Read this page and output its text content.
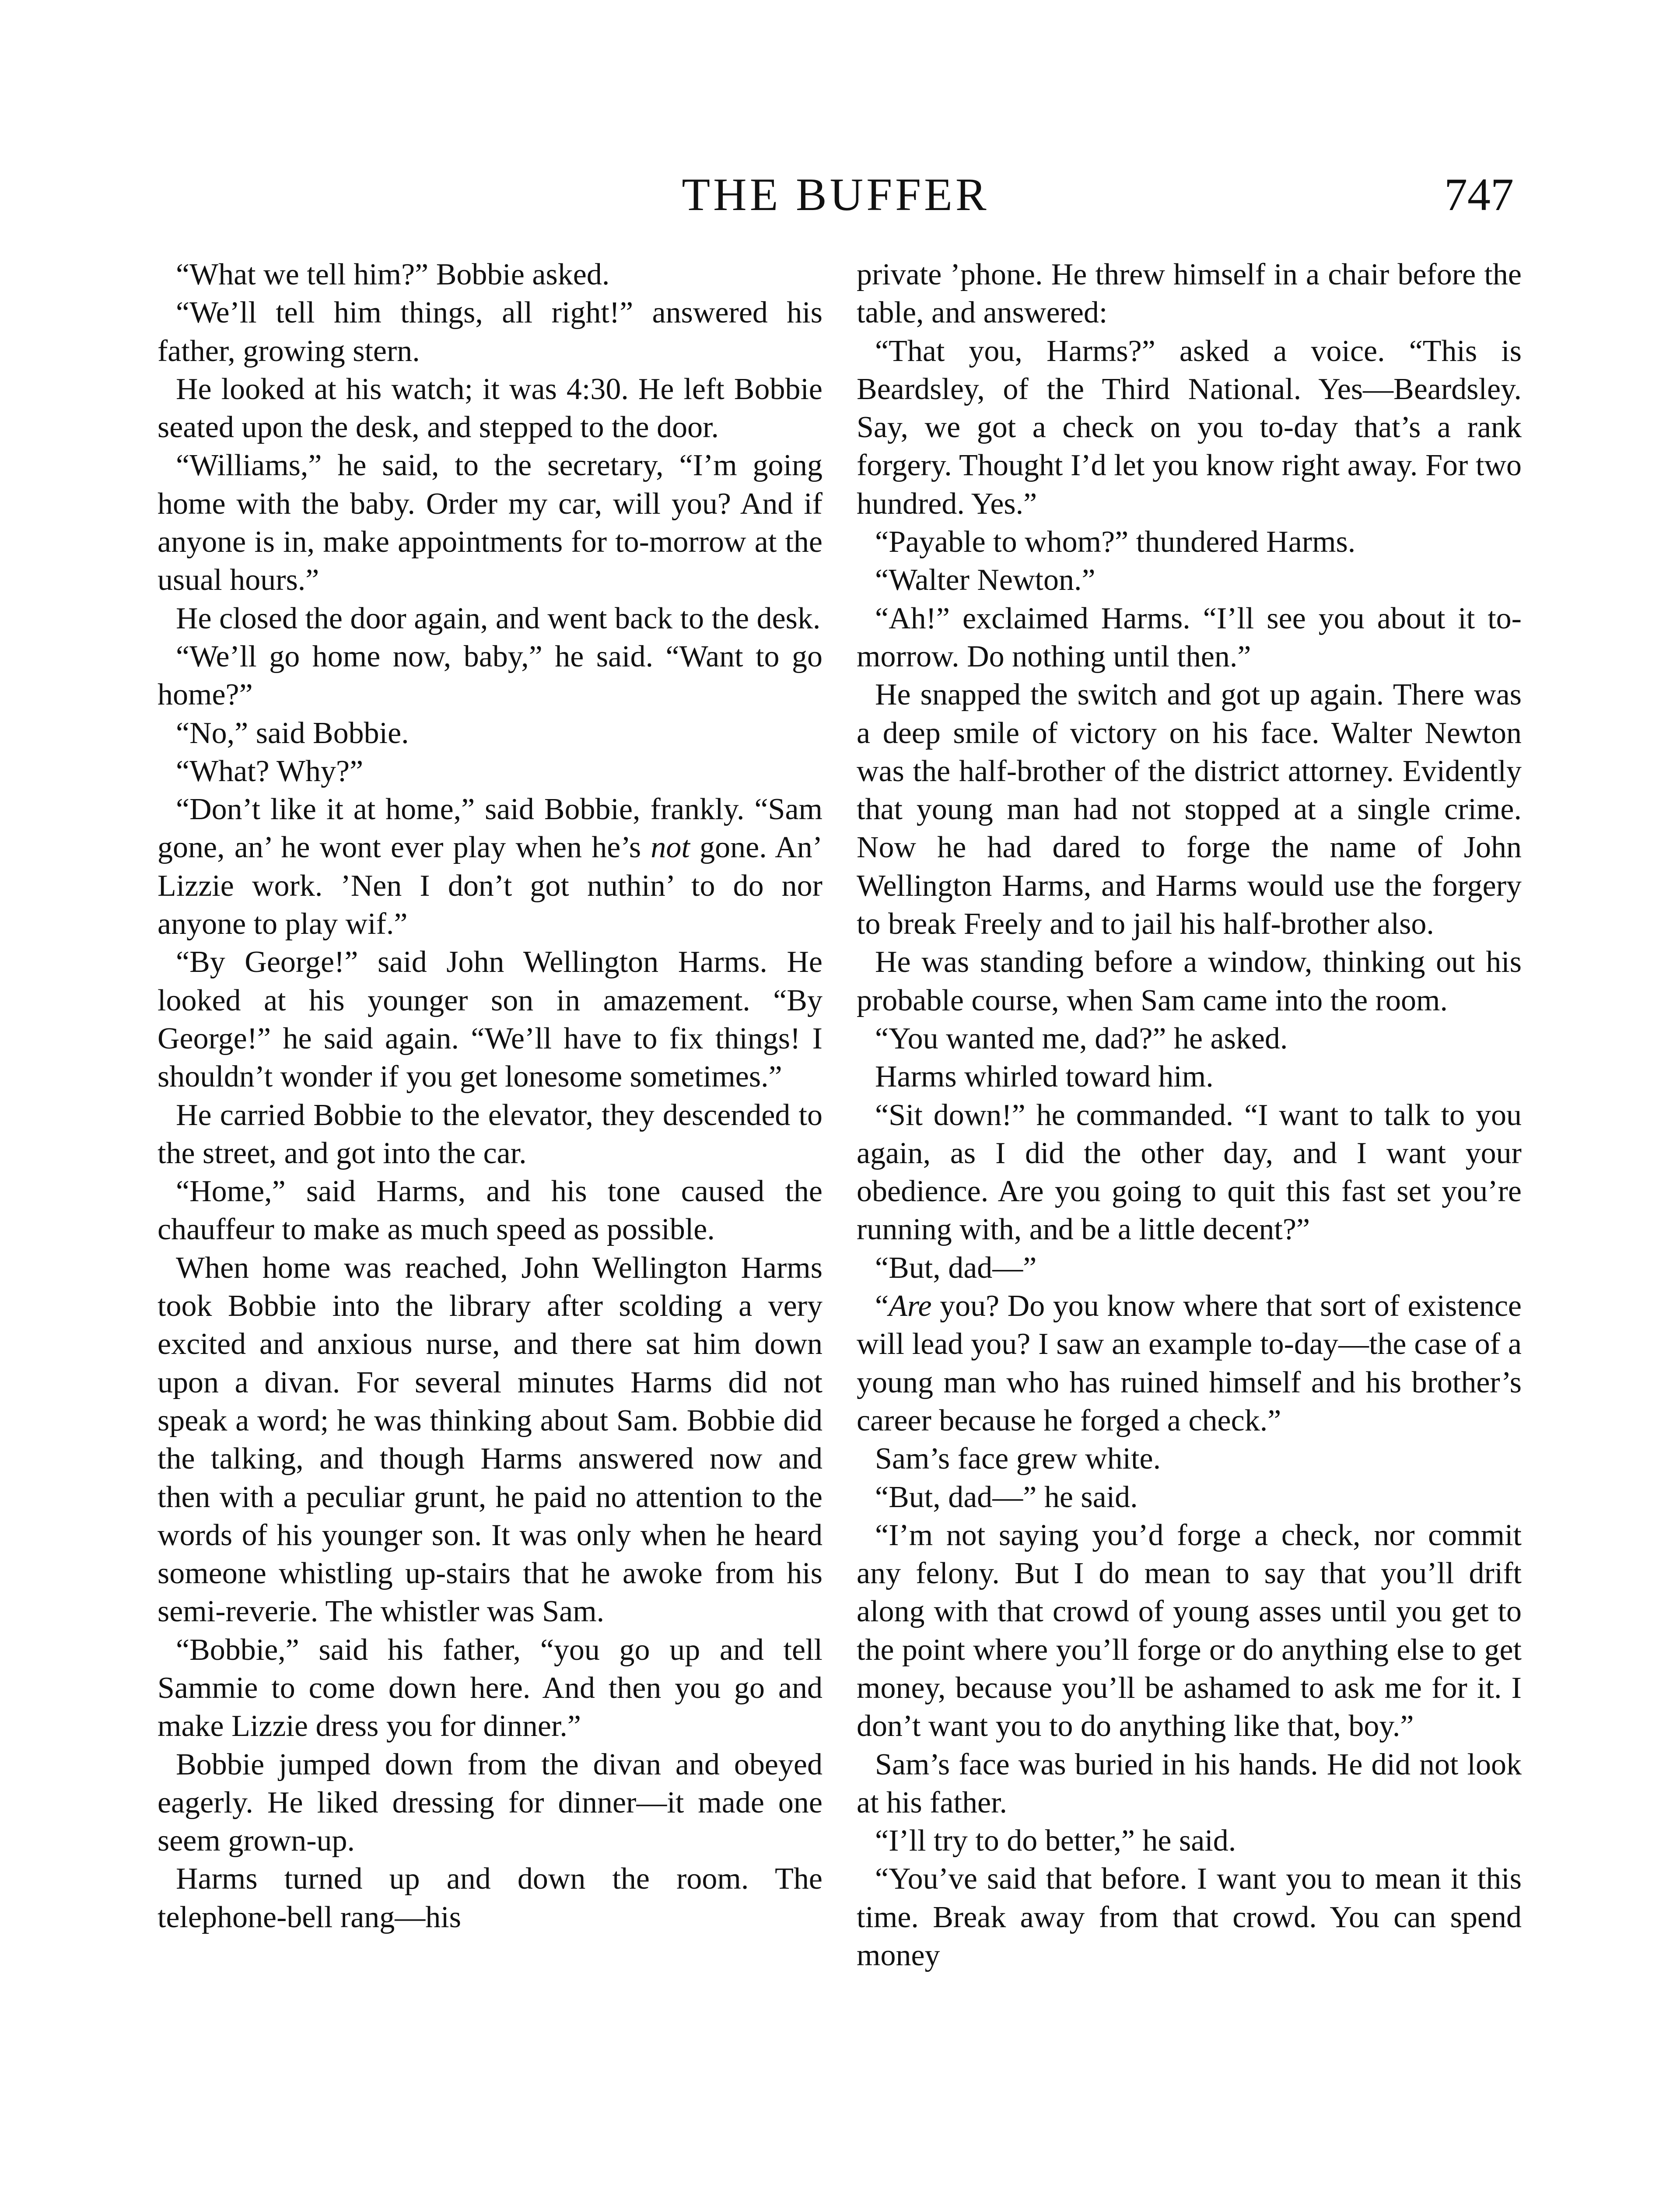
THE BUFFER	747

“What we tell him?” Bobbie asked.

“We’ll tell him things, all right!” answered his father, growing stern.

He looked at his watch; it was 4:30. He left Bobbie seated upon the desk, and stepped to the door.

“Williams,” he said, to the secretary, “I’m going home with the baby. Order my car, will you? And if anyone is in, make appointments for to-morrow at the usual hours.”

He closed the door again, and went back to the desk.

“We’ll go home now, baby,” he said. “Want to go home?”

“No,” said Bobbie.

“What? Why?”

“Don’t like it at home,” said Bobbie, frankly. “Sam gone, an’ he wont ever play when he’s not gone. An’ Lizzie work. ’Nen I don’t got nuthin’ to do nor anyone to play wif.”

“By George!” said John Wellington Harms. He looked at his younger son in amazement. “By George!” he said again. “We’ll have to fix things! I shouldn’t wonder if you get lonesome sometimes.”

He carried Bobbie to the elevator, they descended to the street, and got into the car.

“Home,” said Harms, and his tone caused the chauffeur to make as much speed as possible.

When home was reached, John Wellington Harms took Bobbie into the library after scolding a very excited and anxious nurse, and there sat him down upon a divan. For several minutes Harms did not speak a word; he was thinking about Sam. Bobbie did the talking, and though Harms answered now and then with a peculiar grunt, he paid no attention to the words of his younger son. It was only when he heard someone whistling up-stairs that he awoke from his semi-reverie. The whistler was Sam.

“Bobbie,” said his father, “you go up and tell Sammie to come down here. And then you go and make Lizzie dress you for dinner.”

Bobbie jumped down from the divan and obeyed eagerly. He liked dressing for dinner—it made one seem grown-up.

Harms turned up and down the room. The telephone-bell rang—his

private ’phone. He threw himself in a chair before the table, and answered:

“That you, Harms?” asked a voice. “This is Beardsley, of the Third National. Yes—Beardsley. Say, we got a check on you to-day that’s a rank forgery. Thought I’d let you know right away. For two hundred. Yes.”

“Payable to whom?” thundered Harms.

“Walter Newton.”

“Ah!” exclaimed Harms. “I’ll see you about it to-morrow. Do nothing until then.”

He snapped the switch and got up again. There was a deep smile of victory on his face. Walter Newton was the half-brother of the district attorney. Evidently that young man had not stopped at a single crime. Now he had dared to forge the name of John Wellington Harms, and Harms would use the forgery to break Freely and to jail his half-brother also.

He was standing before a window, thinking out his probable course, when Sam came into the room.

“You wanted me, dad?” he asked.

Harms whirled toward him.

“Sit down!” he commanded. “I want to talk to you again, as I did the other day, and I want your obedience. Are you going to quit this fast set you’re running with, and be a little decent?”

“But, dad—”

“Are you? Do you know where that sort of existence will lead you? I saw an example to-day—the case of a young man who has ruined himself and his brother’s career because he forged a check.”

Sam’s face grew white.

“But, dad—” he said.

“I’m not saying you’d forge a check, nor commit any felony. But I do mean to say that you’ll drift along with that crowd of young asses until you get to the point where you’ll forge or do anything else to get money, because you’ll be ashamed to ask me for it. I don’t want you to do anything like that, boy.”

Sam’s face was buried in his hands. He did not look at his father.

“I’ll try to do better,” he said.

“You’ve said that before. I want you to mean it this time. Break away from that crowd. You can spend money
